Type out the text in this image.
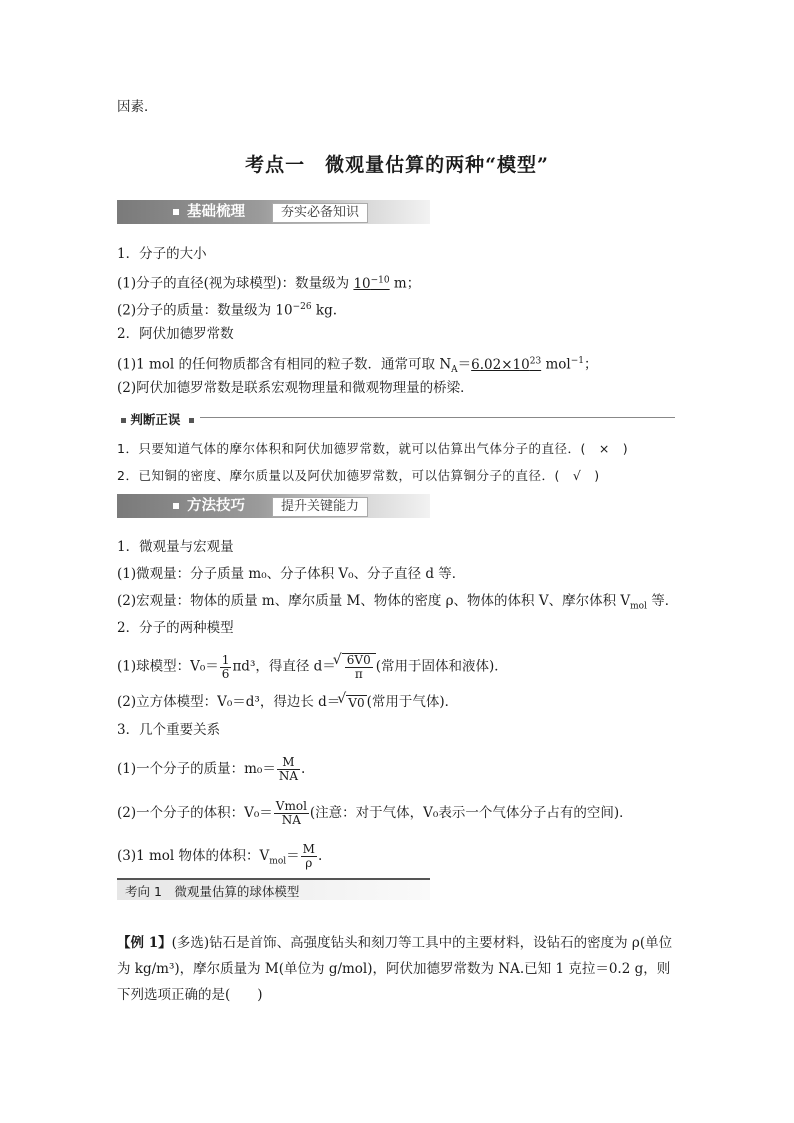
因素．
考点一　微观量估算的两种“模型”
基础梳理	夯实必备知识
1．分子的大小
(1)分子的直径(视为球模型)：数量级为 $10^{-10}$ m；
(2)分子的质量：数量级为 $10^{-26}$ kg.
2．阿伏加德罗常数
(1)1 mol 的任何物质都含有相同的粒子数．通常可取 $N_A=6.02\times 10^{23}$ mol$^{-1}$；
(2)阿伏加德罗常数是联系宏观物理量和微观物理量的桥梁．
判断正误
1．只要知道气体的摩尔体积和阿伏加德罗常数，就可以估算出气体分子的直径．(　×　)
2．已知铜的密度、摩尔质量以及阿伏加德罗常数，可以估算铜分子的直径．(　√　)
方法技巧	提升关键能力
1．微观量与宏观量
(1)微观量：分子质量 m₀、分子体积 V₀、分子直径 d 等．
(2)宏观量：物体的质量 m、摩尔质量 M、物体的密度 ρ、物体的体积 V、摩尔体积 $V_{mol}$ 等．
2．分子的两种模型
(1)球模型：$V_0= \frac{1}{6} \pi d^3$，得直径 d＝ √ $\frac{6V0}{\pi}$ (常用于固体和液体)．
(2)立方体模型：V₀＝d³，得边长 d＝ √ V0 (常用于气体)．
3．几个重要关系
(1)一个分子的质量：$m_0= \frac{M}{NA}$ .
(2)一个分子的体积：$V_0= \frac{\text{Vmol}}{NA}$ (注意：对于气体，V₀表示一个气体分子占有的空间)．
(3)1 mol 物体的体积：$V_{mol}= \frac{M}{\rho}$ .
考向 1　微观量估算的球体模型
【例 1】(多选)钻石是首饰、高强度钻头和刻刀等工具中的主要材料，设钻石的密度为 ρ(单位为 kg/m³)，摩尔质量为 M(单位为 g/mol)，阿伏加德罗常数为 NA.已知 1 克拉＝0.2 g，则下列选项正确的是(　　)
